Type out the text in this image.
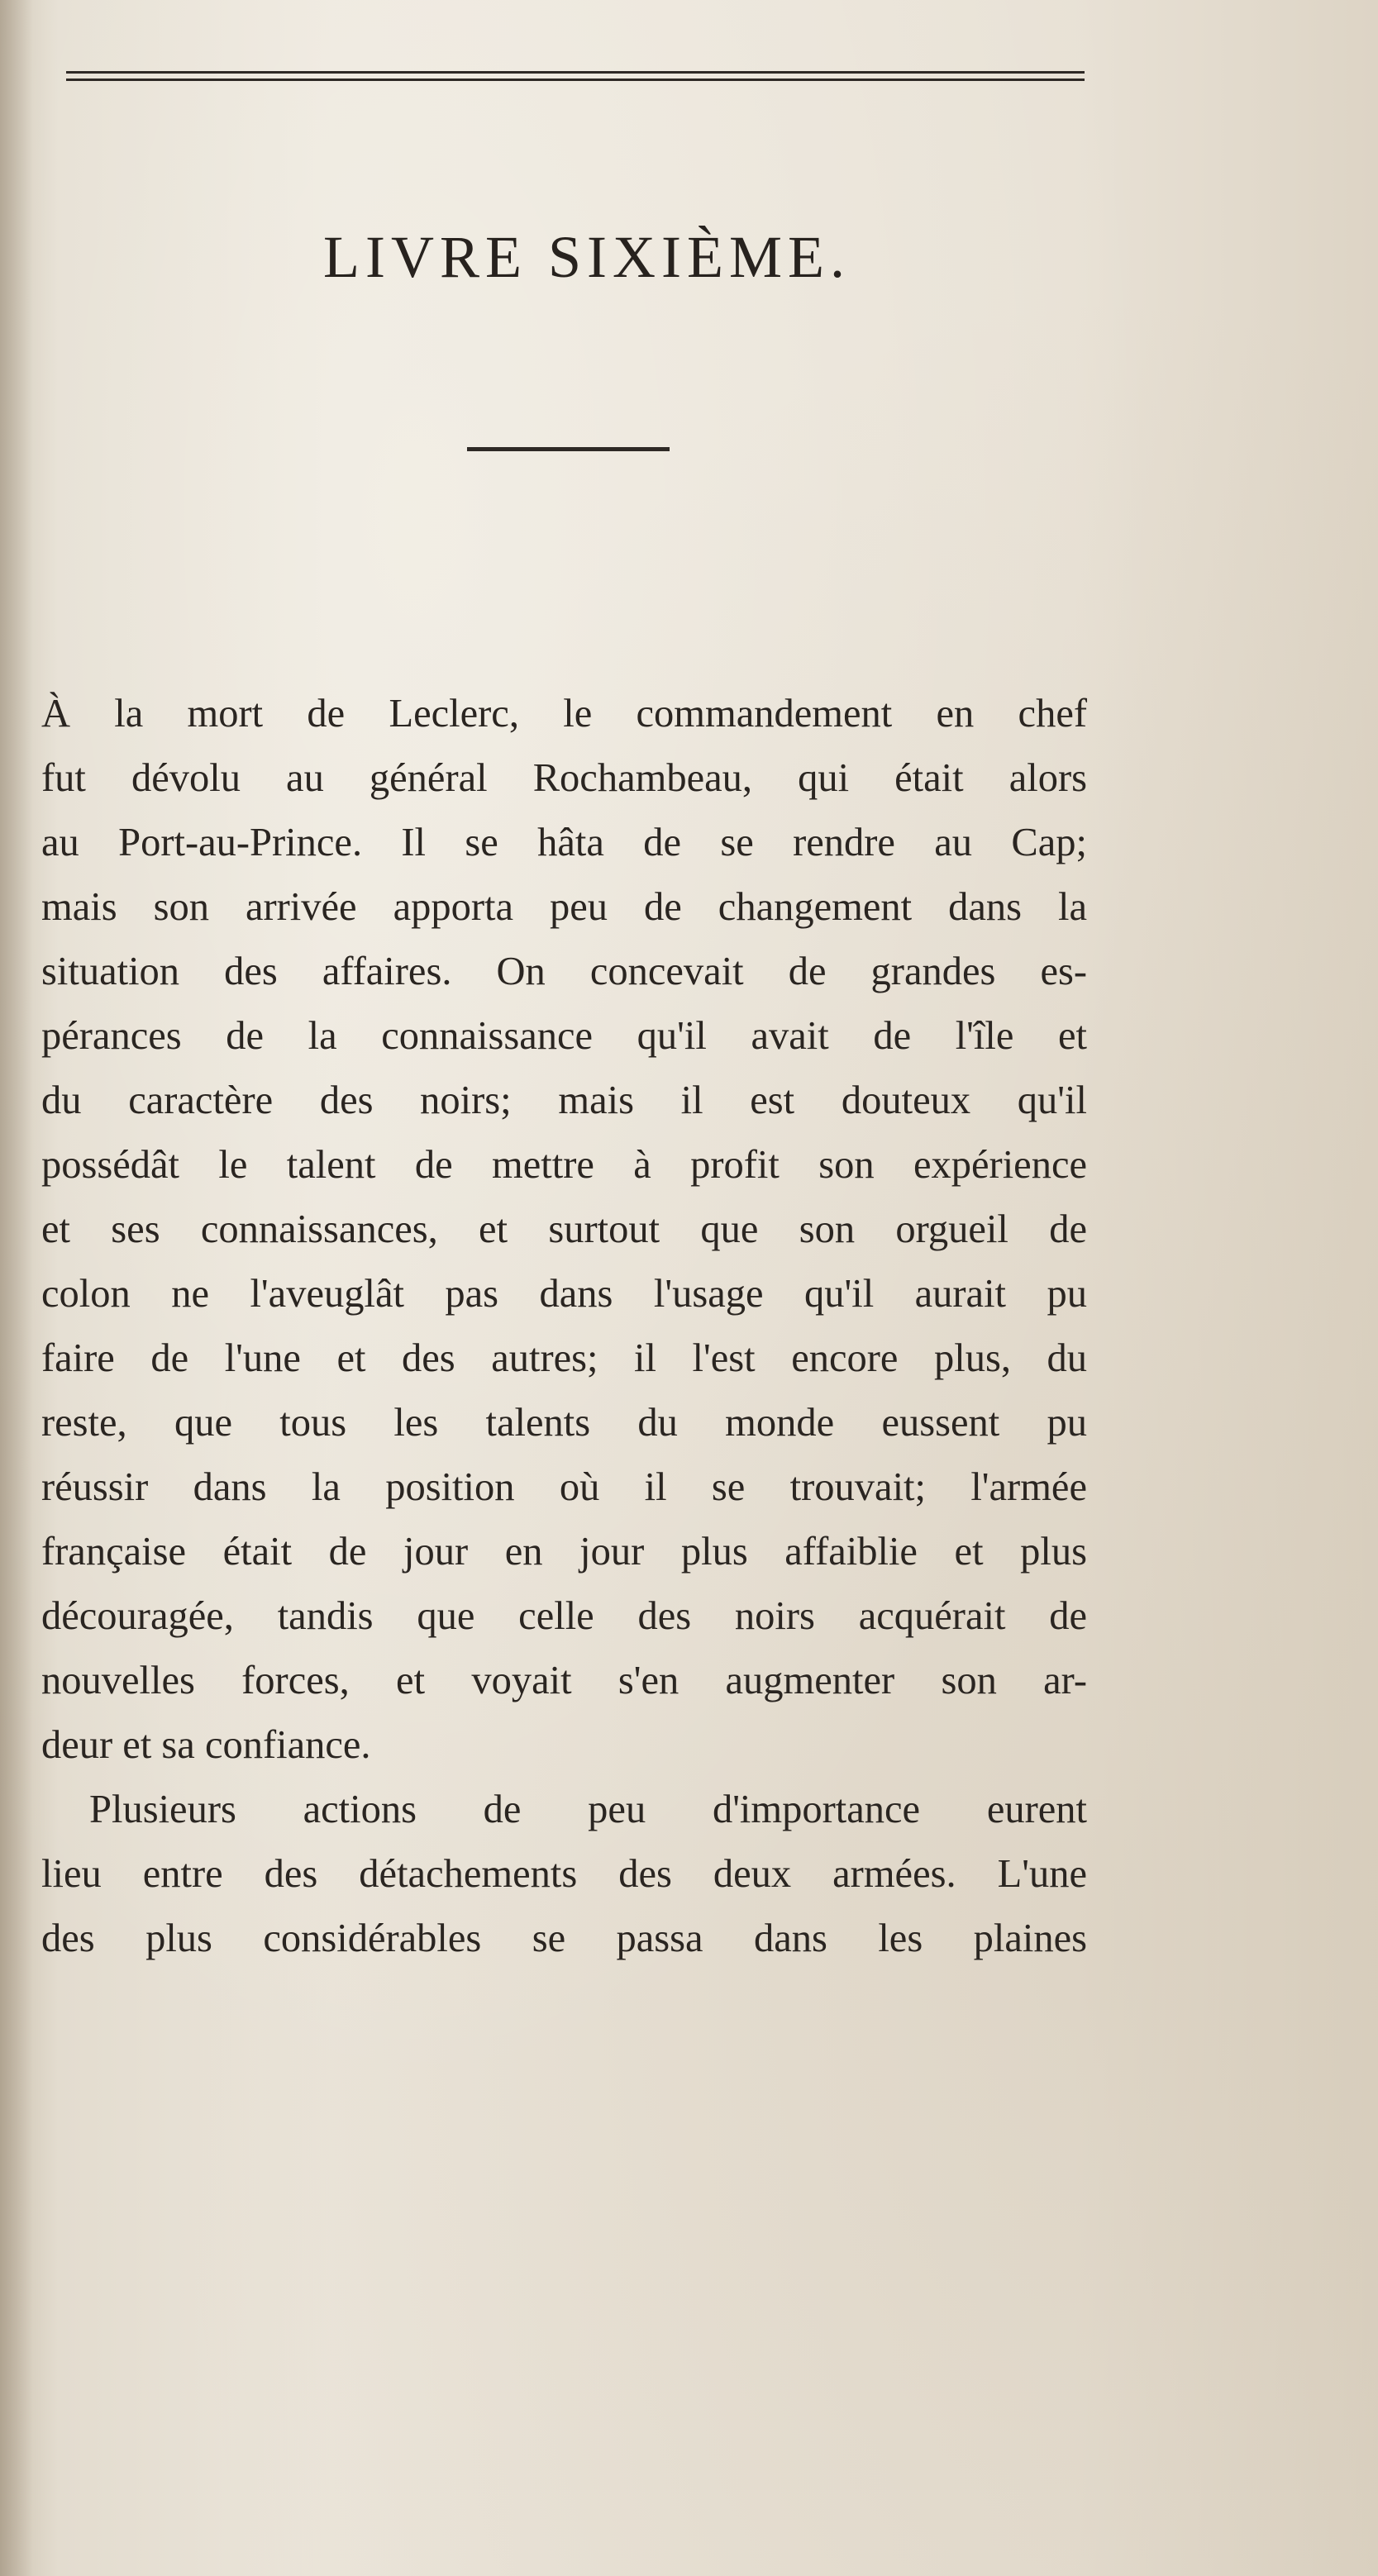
LIVRE SIXIÈME.
À la mort de Leclerc, le commandement en chef
fut dévolu au général Rochambeau, qui était alors
au Port-au-Prince. Il se hâta de se rendre au Cap;
mais son arrivée apporta peu de changement dans la
situation des affaires. On concevait de grandes es-
pérances de la connaissance qu'il avait de l'île et
du caractère des noirs; mais il est douteux qu'il
possédât le talent de mettre à profit son expérience
et ses connaissances, et surtout que son orgueil de
colon ne l'aveuglât pas dans l'usage qu'il aurait pu
faire de l'une et des autres; il l'est encore plus, du
reste, que tous les talents du monde eussent pu
réussir dans la position où il se trouvait; l'armée
française était de jour en jour plus affaiblie et plus
découragée, tandis que celle des noirs acquérait de
nouvelles forces, et voyait s'en augmenter son ar-
deur et sa confiance.
Plusieurs actions de peu d'importance eurent
lieu entre des détachements des deux armées. L'une
des plus considérables se passa dans les plaines
